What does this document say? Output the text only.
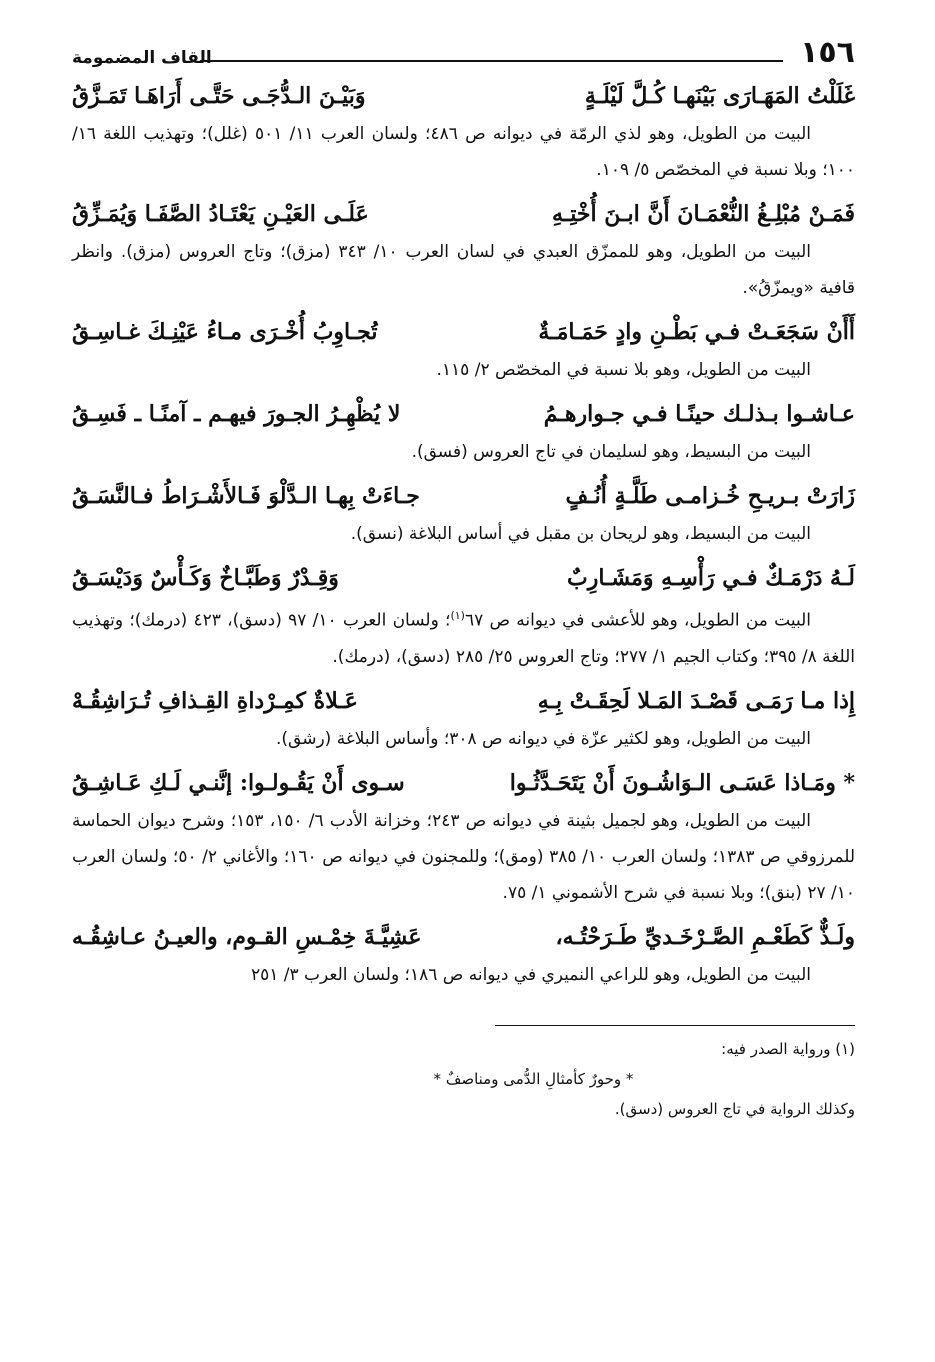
١٥٦
القاف المضمومة
غَلَلْتُ المَهَـارَى بَيْنَهـا كُـلَّ لَيْلَـةٍ
وَبَيْـنَ الـدُّجَـى حَتَّـى أَرَاهَـا تَمَـزَّقُ

البيت من الطويل، وهو لذي الرمّة في ديوانه ص ٤٨٦؛ ولسان العرب ١١/ ٥٠١ (غلل)؛ وتهذيب اللغة ١٦/ ١٠٠؛ وبلا نسبة في المخصّص ٥/ ١٠٩.

فَمَـنْ مُبْلِـغُ النُّعْمَـانَ أَنَّ ابـنَ أُخْتِـهِ
عَلَـى العَيْـنِ يَعْتَـادُ الصَّفَـا وَيُمَـزِّقُ

البيت من الطويل، وهو للممزّق العبدي في لسان العرب ١٠/ ٣٤٣ (مزق)؛ وتاج العروس (مزق). وانظر قافية «ويمزّقُ».

أَأَنْ سَجَعَـتْ فـي بَطْـنِ وادٍ حَمَـامَـةٌ
تُجـاوِبُ أُخْـرَى مـاءُ عَيْنِـكَ غـاسِـقُ

البيت من الطويل، وهو بلا نسبة في المخصّص ٢/ ١١٥.

عـاشـوا بـذلـك حينًـا فـي جـوارهـمُ
لا يُظْهِـرُ الجـورَ فيهـم ـ آمنًـا ـ فَسِـقُ

البيت من البسيط، وهو لسليمان في تاج العروس (فسق).

زَارَتْ بـريـحِ خُـزامـى طَلَّـةٍ أُنُـفٍ
جـاءَتْ بِهـا الـدَّلْوَ فَـالأَشْـرَاطُ فـالنَّسَـقُ

البيت من البسيط، وهو لريحان بن مقبل في أساس البلاغة (نسق).

لَـهُ دَرْمَـكٌ فـي رَأْسِـهِ وَمَشَـارِبٌ
وَقِـدْرٌ وَطَبَّـاخٌ وَكَـأْسٌ وَدَيْسَـقُ

البيت من الطويل، وهو للأعشى في ديوانه ص ٦٧$^{(١)}$؛ ولسان العرب ١٠/ ٩٧ (دسق)، ٤٢٣ (درمك)؛ وتهذيب اللغة ٨/ ٣٩٥؛ وكتاب الجيم ١/ ٢٧٧؛ وتاج العروس ٢٥/ ٢٨٥ (دسق)، (درمك).

إِذا مـا رَمَـى قَصْـدَ المَـلا لَحِقَـتْ بِـهِ
عَـلاةٌ كمِـرْداةِ القِـذافِ تُـرَاشِقُـهْ

البيت من الطويل، وهو لكثير عزّة في ديوانه ص ٣٠٨؛ وأساس البلاغة (رشق).

* ومَـاذا عَسَـى الـوَاشُـونَ أَنْ يَتَحَـدَّثُـوا
سـوى أَنْ يَقُـولـوا: إنَّنـي لَـكِ عَـاشِـقُ

البيت من الطويل، وهو لجميل بثينة في ديوانه ص ٢٤٣؛ وخزانة الأدب ٦/ ١٥٠، ١٥٣؛ وشرح ديوان الحماسة للمرزوقي ص ١٣٨٣؛ ولسان العرب ١٠/ ٣٨٥ (ومق)؛ وللمجنون في ديوانه ص ١٦٠؛ والأغاني ٢/ ٥٠؛ ولسان العرب ١٠/ ٢٧ (بنق)؛ وبلا نسبة في شرح الأشموني ١/ ٧٥.

ولَـذٌّ كَطَعْـمِ الصَّـرْخَـديِّ طَـرَحْتُـه،
عَشِيَّـةَ خِمْـسِ القـوم، والعيـنُ عـاشِقُـه

البيت من الطويل، وهو للراعي النميري في ديوانه ص ١٨٦؛ ولسان العرب ٣/ ٢٥١

(١) ورواية الصدر فيه:

* وحورٌ كأمثالِ الدُّمى ومناصفٌ *

وكذلك الرواية في تاج العروس (دسق).
